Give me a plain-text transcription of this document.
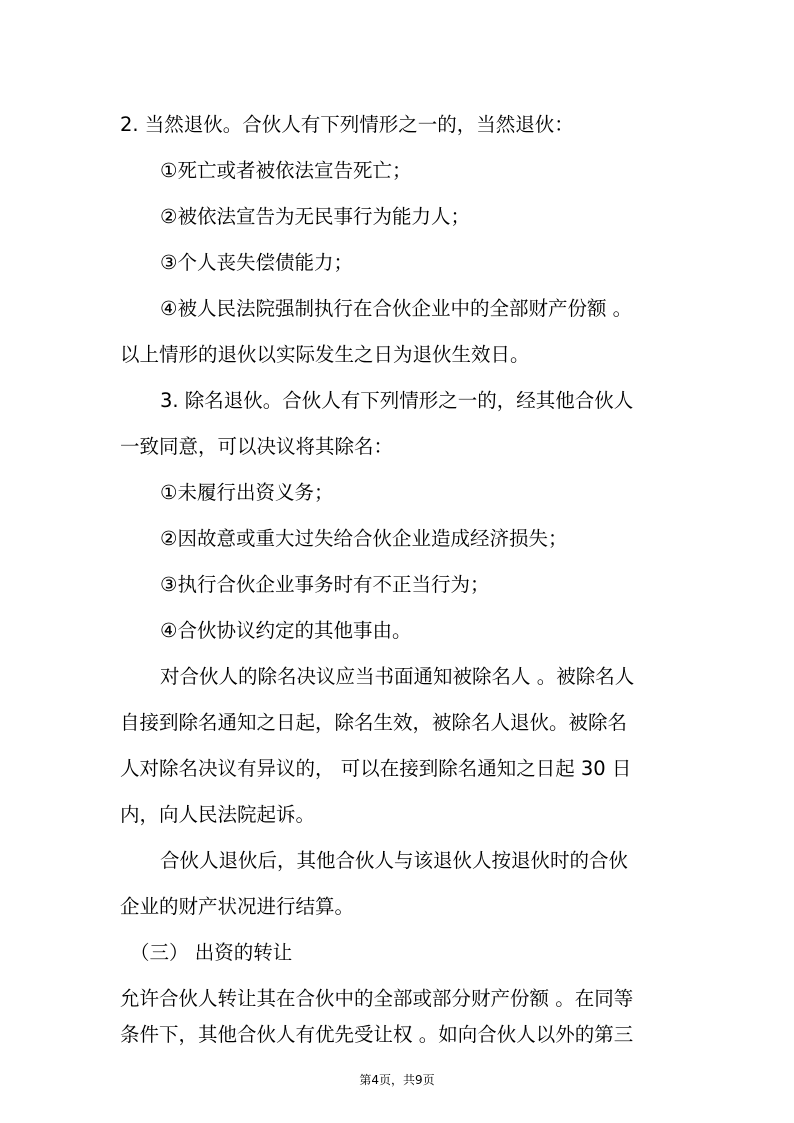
2. 当然退伙。合伙人有下列情形之一的，当然退伙：
①死亡或者被依法宣告死亡；
②被依法宣告为无民事行为能力人；
③个人丧失偿债能力；
④被人民法院强制执行在合伙企业中的全部财产份额 。
以上情形的退伙以实际发生之日为退伙生效日。
3. 除名退伙。合伙人有下列情形之一的，经其他合伙人
一致同意，可以决议将其除名：
①未履行出资义务；
②因故意或重大过失给合伙企业造成经济损失；
③执行合伙企业事务时有不正当行为；
④合伙协议约定的其他事由。
对合伙人的除名决议应当书面通知被除名人 。被除名人
自接到除名通知之日起，除名生效，被除名人退伙。被除名
人对除名决议有异议的， 可以在接到除名通知之日起 30 日
内，向人民法院起诉。
合伙人退伙后，其他合伙人与该退伙人按退伙时的合伙
企业的财产状况进行结算。
（三） 出资的转让
允许合伙人转让其在合伙中的全部或部分财产份额 。在同等
条件下，其他合伙人有优先受让权 。如向合伙人以外的第三
第4页，共9页
